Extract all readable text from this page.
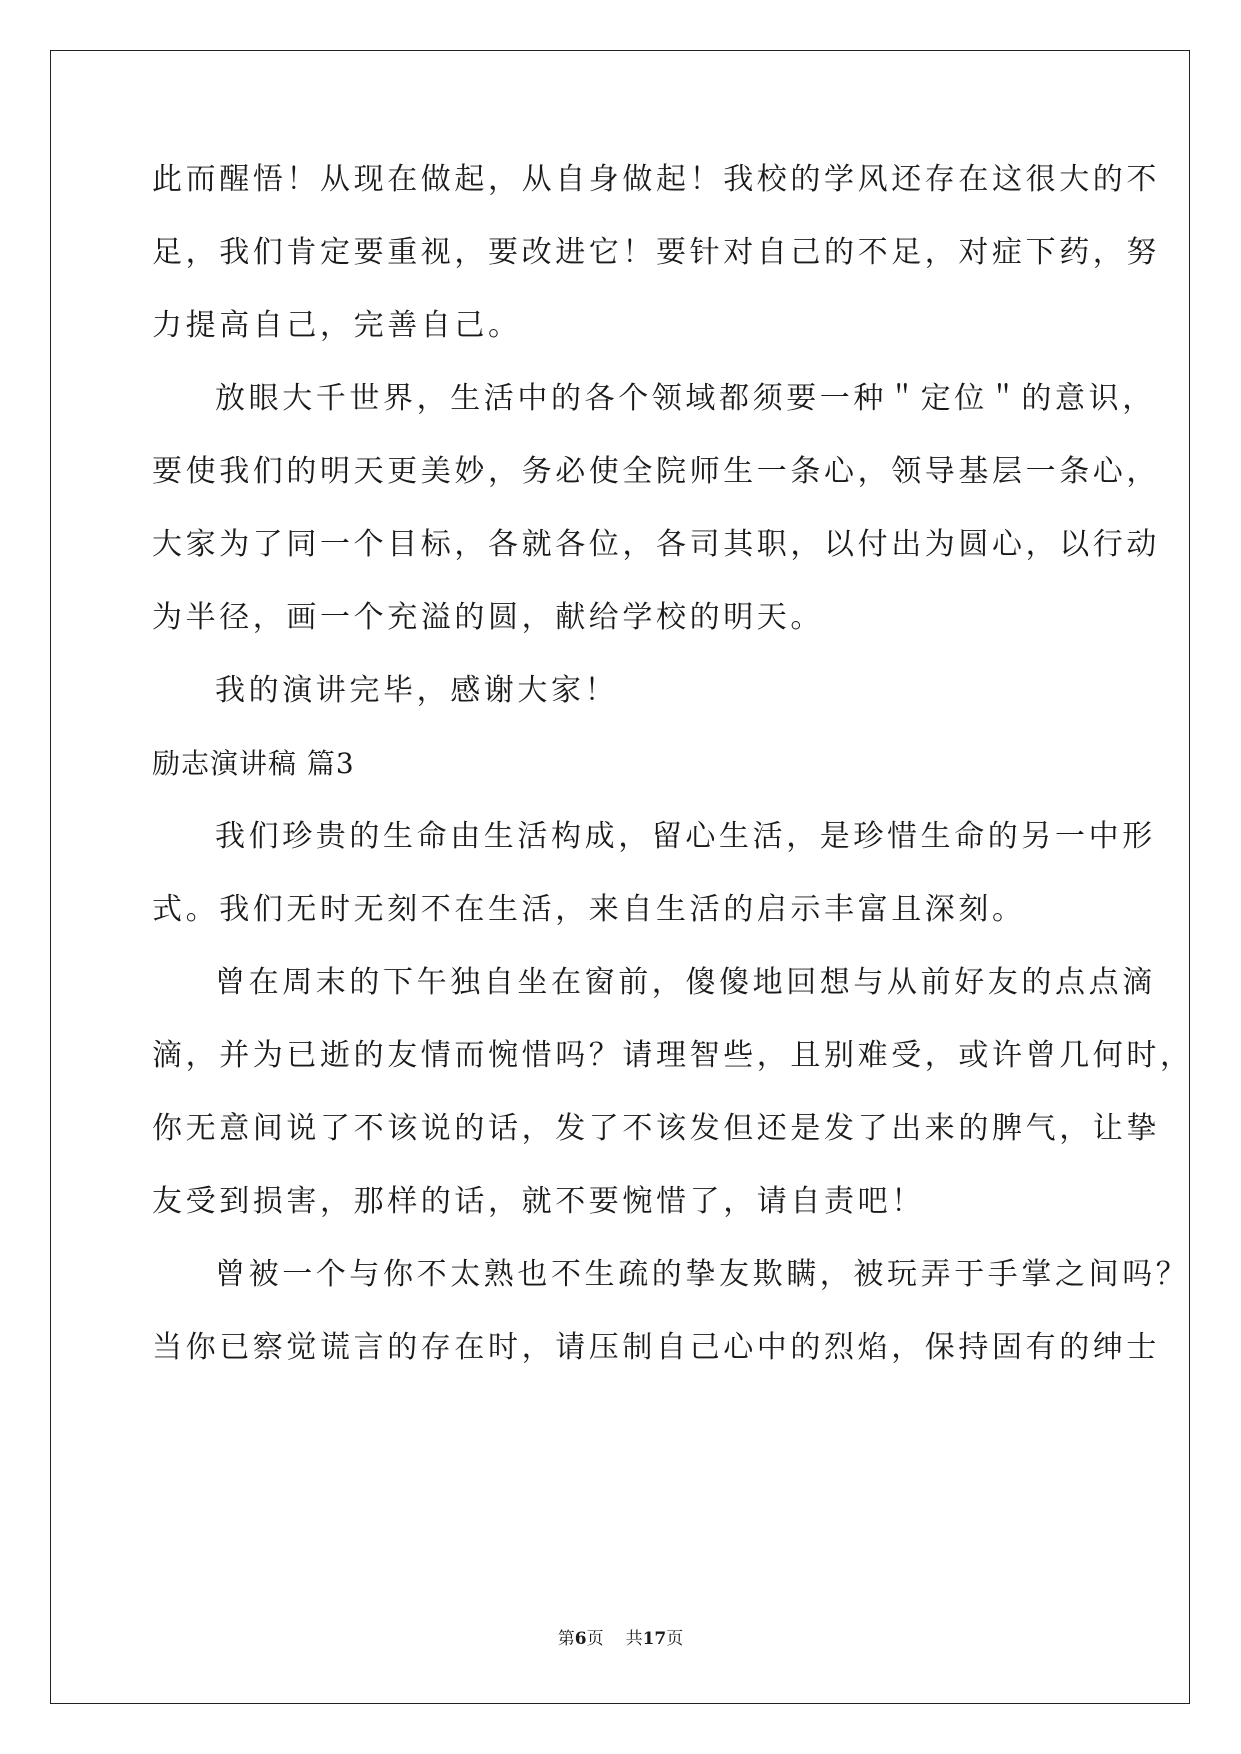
此而醒悟！从现在做起，从自身做起！我校的学风还存在这很大的不
足，我们肯定要重视，要改进它！要针对自己的不足，对症下药，努
力提高自己，完善自己。
放眼大千世界，生活中的各个领域都须要一种＂定位＂的意识，
要使我们的明天更美妙，务必使全院师生一条心，领导基层一条心，
大家为了同一个目标，各就各位，各司其职，以付出为圆心，以行动
为半径，画一个充溢的圆，献给学校的明天。
我的演讲完毕，感谢大家！
励志演讲稿 篇3
我们珍贵的生命由生活构成，留心生活，是珍惜生命的另一中形
式。我们无时无刻不在生活，来自生活的启示丰富且深刻。
曾在周末的下午独自坐在窗前，傻傻地回想与从前好友的点点滴
滴，并为已逝的友情而惋惜吗？请理智些，且别难受，或许曾几何时，
你无意间说了不该说的话，发了不该发但还是发了出来的脾气，让挚
友受到损害，那样的话，就不要惋惜了，请自责吧！
曾被一个与你不太熟也不生疏的挚友欺瞒，被玩弄于手掌之间吗？
当你已察觉谎言的存在时，请压制自己心中的烈焰，保持固有的绅士
第6页 共17页
